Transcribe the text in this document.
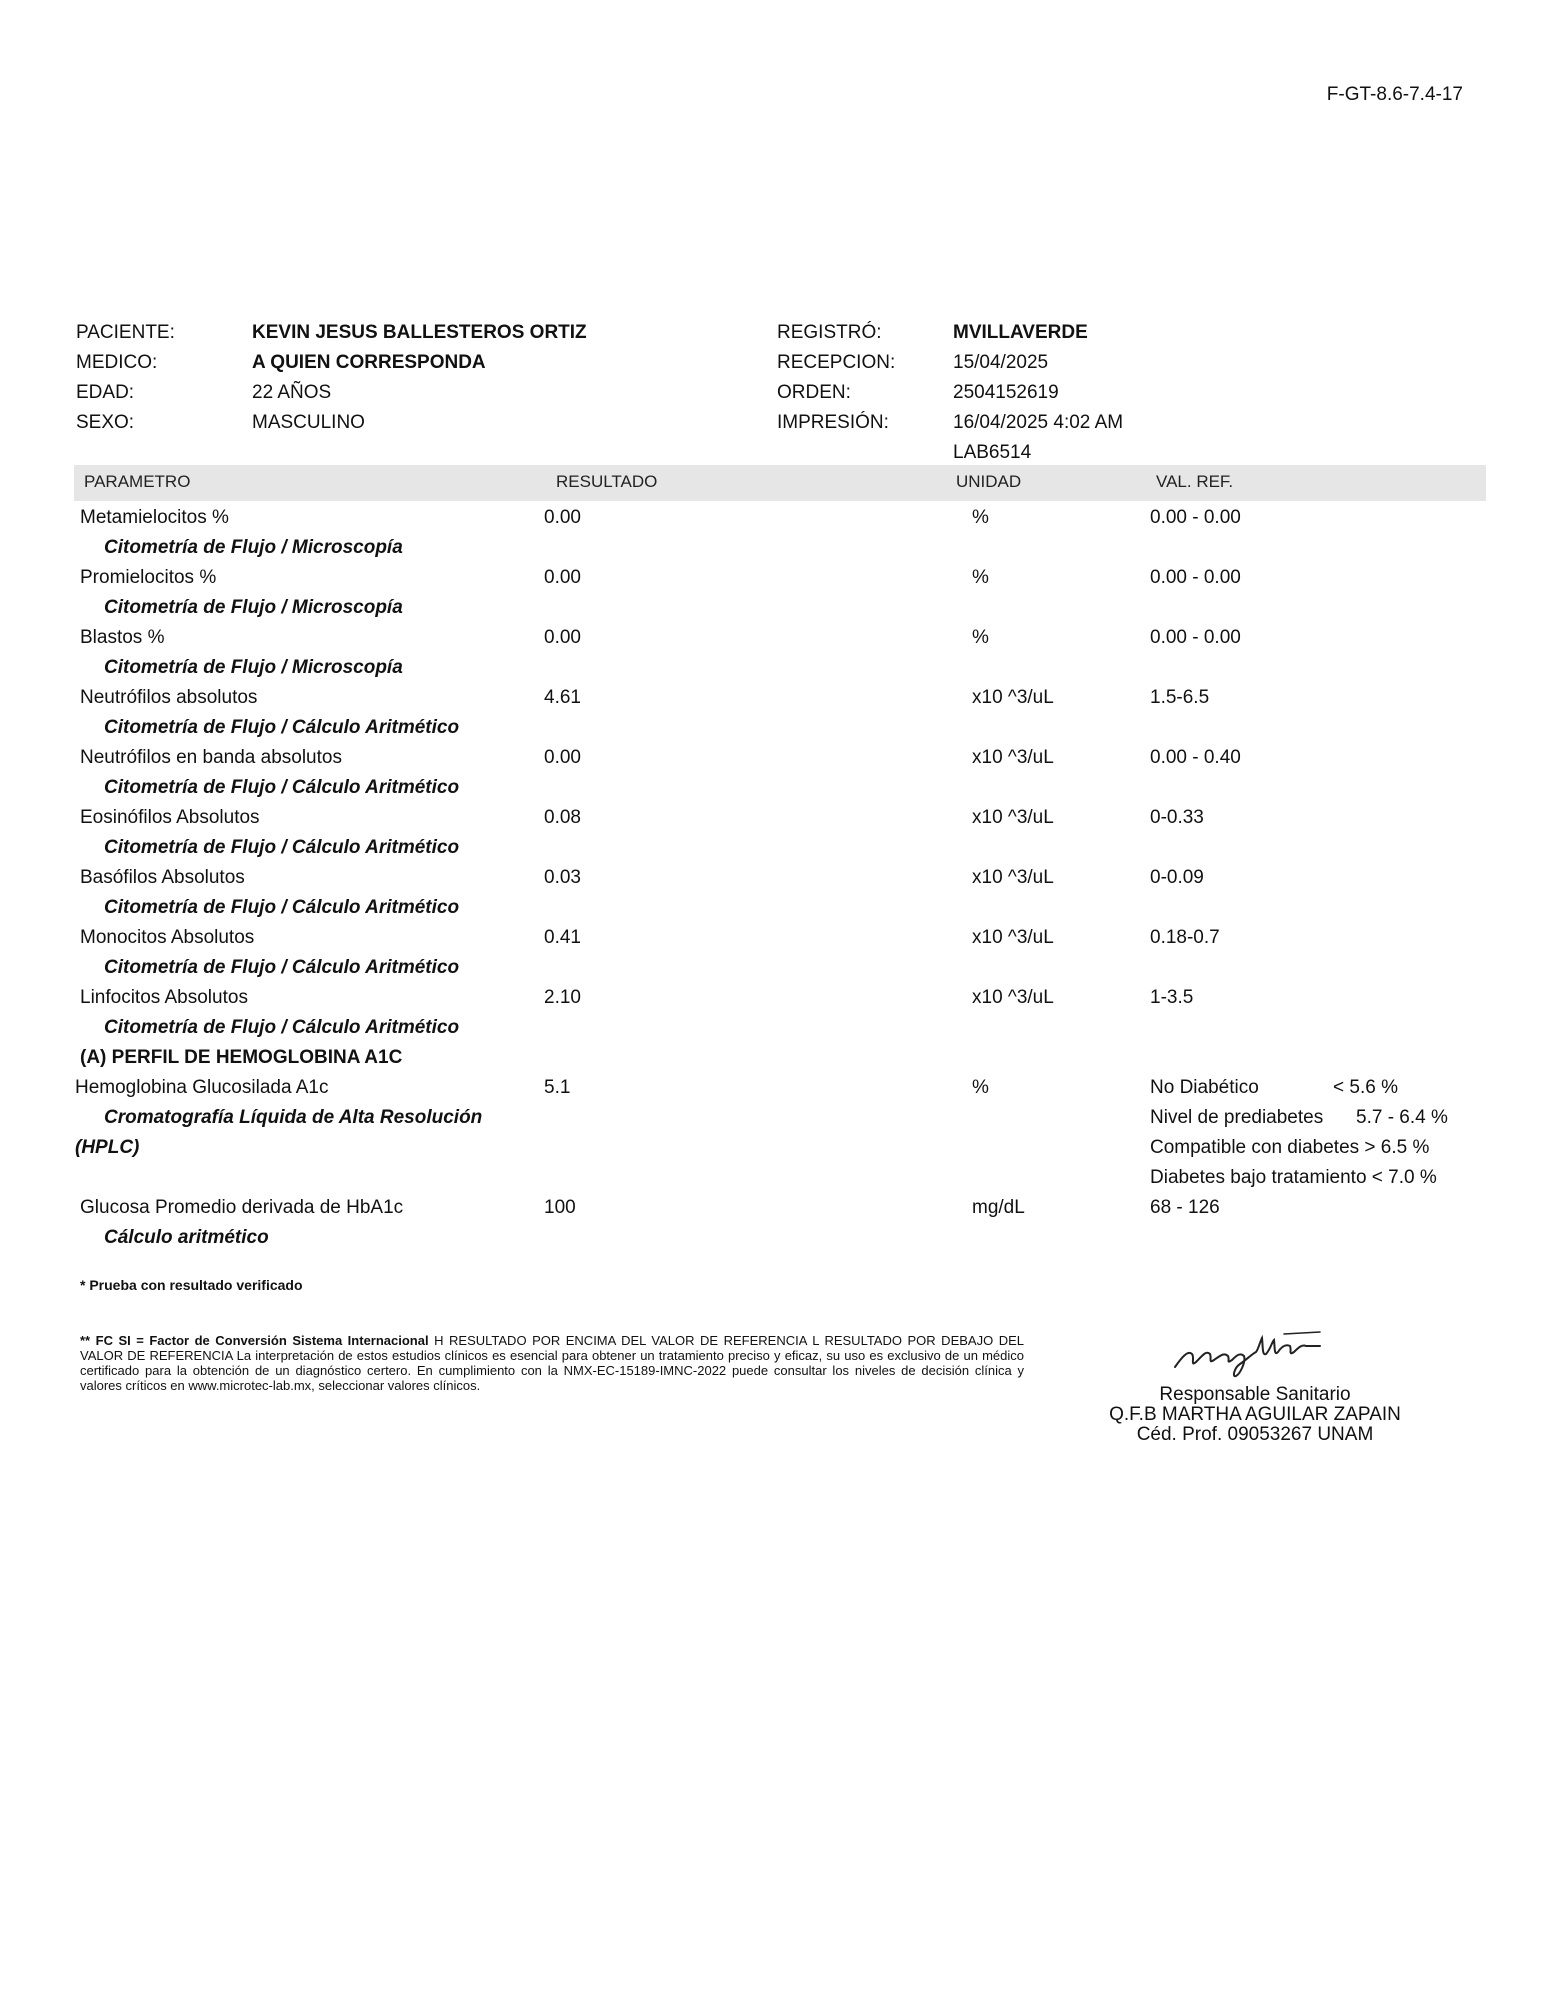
F-GT-8.6-7.4-17
PACIENTE:	KEVIN JESUS BALLESTEROS ORTIZ
MEDICO:	A QUIEN CORRESPONDA
EDAD:	22 AÑOS
SEXO:	MASCULINO
REGISTRÓ:	MVILLAVERDE
RECEPCION:	15/04/2025
ORDEN:	2504152619
IMPRESIÓN:	16/04/2025 4:02 AM
LAB6514
PARAMETRO	RESULTADO	UNIDAD	VAL. REF.
Metamielocitos %	0.00	%	0.00 - 0.00
Citometría de Flujo / Microscopía
Promielocitos %	0.00	%	0.00 - 0.00
Citometría de Flujo / Microscopía
Blastos %	0.00	%	0.00 - 0.00
Citometría de Flujo / Microscopía
Neutrófilos absolutos	4.61	x10 ^3/uL	1.5-6.5
Citometría de Flujo / Cálculo Aritmético
Neutrófilos en banda absolutos	0.00	x10 ^3/uL	0.00 - 0.40
Citometría de Flujo / Cálculo Aritmético
Eosinófilos Absolutos	0.08	x10 ^3/uL	0-0.33
Citometría de Flujo / Cálculo Aritmético
Basófilos Absolutos	0.03	x10 ^3/uL	0-0.09
Citometría de Flujo / Cálculo Aritmético
Monocitos Absolutos	0.41	x10 ^3/uL	0.18-0.7
Citometría de Flujo / Cálculo Aritmético
Linfocitos Absolutos	2.10	x10 ^3/uL	1-3.5
Citometría de Flujo / Cálculo Aritmético
(A) PERFIL DE HEMOGLOBINA A1C
Hemoglobina Glucosilada A1c	5.1	%	No Diabético	< 5.6 %
Cromatografía Líquida de Alta Resolución	Nivel de prediabetes 5.7 - 6.4 %
(HPLC)	Compatible con diabetes > 6.5 %
Diabetes bajo tratamiento < 7.0 %
Glucosa Promedio derivada de HbA1c	100	mg/dL	68 - 126
Cálculo aritmético
* Prueba con resultado verificado
** FC SI = Factor de Conversión Sistema Internacional H RESULTADO POR ENCIMA DEL VALOR DE REFERENCIA L RESULTADO POR DEBAJO DEL VALOR DE REFERENCIA La interpretación de estos estudios clínicos es esencial para obtener un tratamiento preciso y eficaz, su uso es exclusivo de un médico certificado para la obtención de un diagnóstico certero. En cumplimiento con la NMX-EC-15189-IMNC-2022 puede consultar los niveles de decisión clínica y valores críticos en www.microtec-lab.mx, seleccionar valores clínicos.	Responsable Sanitario
Q.F.B MARTHA AGUILAR ZAPAIN
Céd. Prof. 09053267 UNAM
